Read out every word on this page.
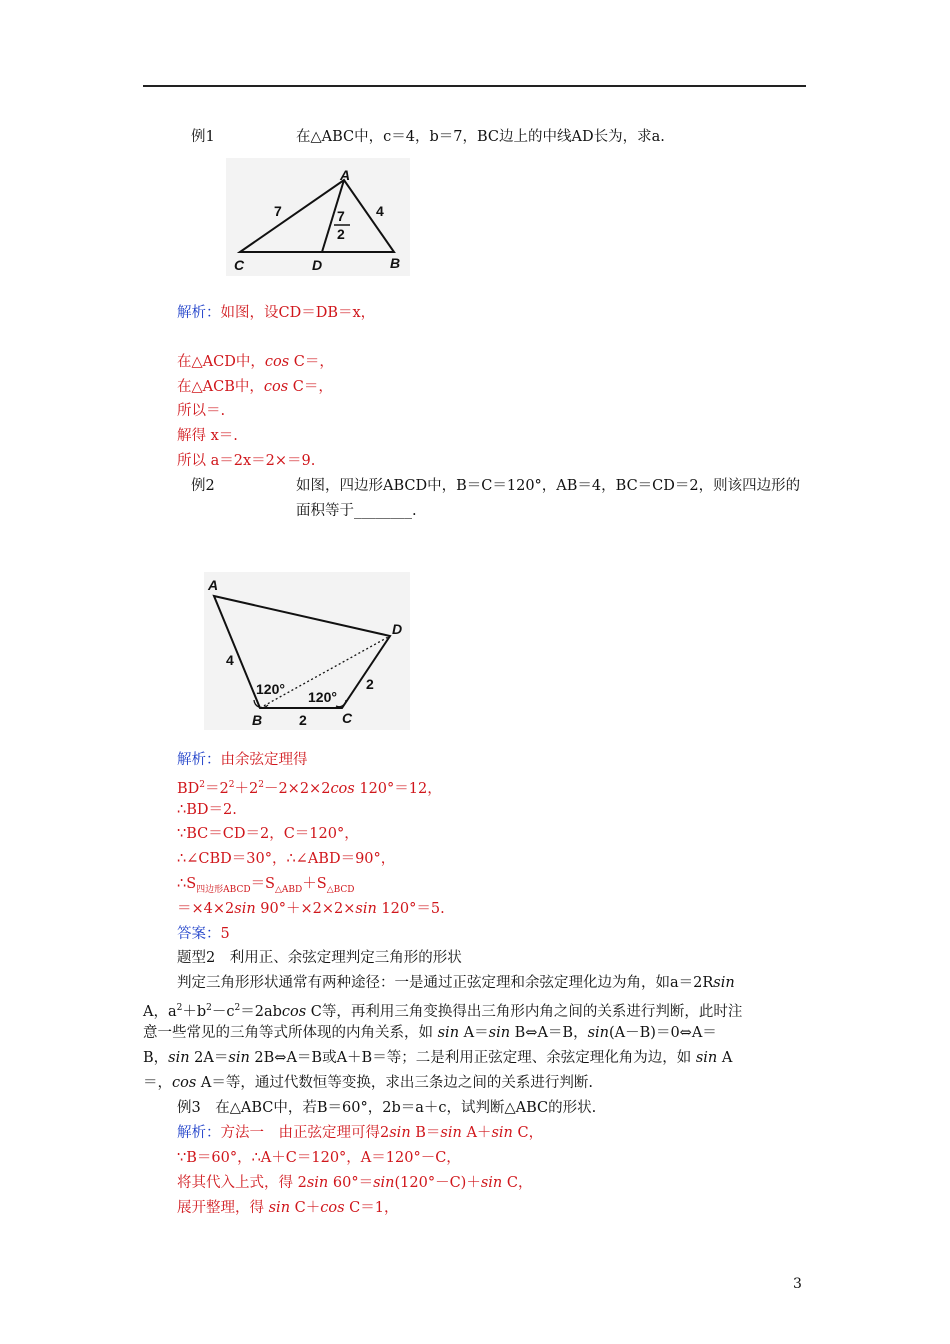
例1	在△ABC中，c＝4，b＝7，BC边上的中线AD长为，求a.
A
C	D	B
7	4
7
2
解析：如图，设CD＝DB＝x，
在△ACD中，cos C＝，
在△ACB中，cos C＝，
所以＝.
解得 x＝.
所以 a＝2x＝2×＝9.
例2	如图，四边形ABCD中，B＝C＝120°，AB＝4，BC＝CD＝2，则该四边形的
面积等于________.
A
D
B	C
4
2
2
120° 120°
解析：由余弦定理得
$BD^2=2^2+2^2-2\times 2\times 2\cos$ 120°＝12，
∴BD＝2.
∵BC＝CD＝2，C＝120°，
∴∠CBD＝30°，∴∠ABD＝90°，
$\therefore S_{四边形ABCD}=S_{\triangle ABD}+S_{\triangle BCD}$
＝×4×2sin 90°＋×2×2×sin 120°＝5.
答案：5
题型2　利用正、余弦定理判定三角形的形状
判定三角形形状通常有两种途径：一是通过正弦定理和余弦定理化边为角，如a＝2Rsin
A，$a^2+b^2-c^2=2abcos$ C等，再利用三角变换得出三角形内角之间的关系进行判断，此时注
意一些常见的三角等式所体现的内角关系，如 sin A＝sin B⇔A＝B，sin(A－B)＝0⇔A＝
B，sin 2A＝sin 2B⇔A＝B或A＋B＝等；二是利用正弦定理、余弦定理化角为边，如 sin A
＝，cos A＝等，通过代数恒等变换，求出三条边之间的关系进行判断.
例3　在△ABC中，若B＝60°，2b＝a＋c，试判断△ABC的形状.
解析：方法一　由正弦定理可得2sin B＝sin A＋sin C，
∵B＝60°，∴A＋C＝120°，A＝120°－C，
将其代入上式，得 2sin 60°＝sin(120°－C)＋sin C，
展开整理，得 sin C＋cos C＝1，
3
